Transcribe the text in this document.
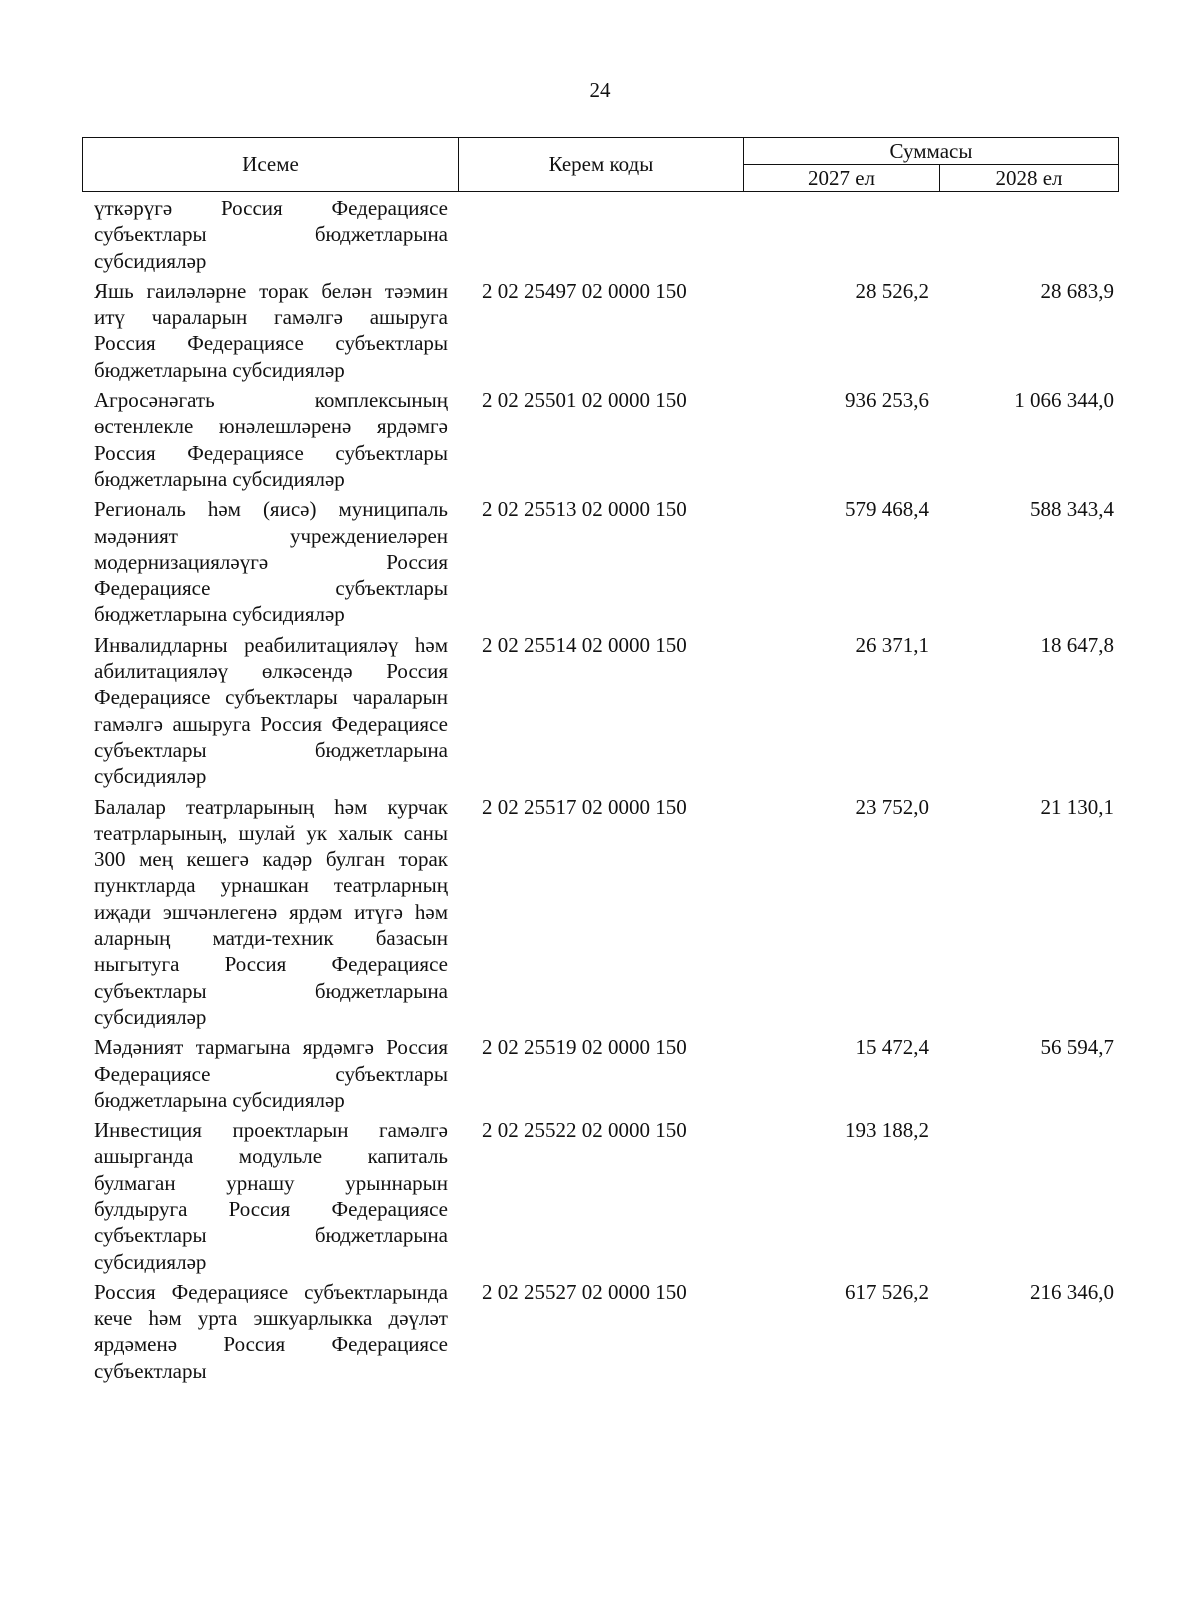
24
Исеме	Керем коды
Суммасы
2027 ел	2028 ел
үткәрүгә Россия Федерациясе субъектлары бюджетларына субсидияләр
Яшь гаиләләрне торак белән тәэмин итү чараларын гамәлгә ашыруга Россия Федерациясе субъектлары бюджетларына субсидияләр
2 02 25497 02 0000 150	28 526,2	28 683,9
Агросәнәгать комплексының өстенлекле юнәлешләренә ярдәмгә Россия Федерациясе субъектлары бюджетларына субсидияләр
2 02 25501 02 0000 150	936 253,6	1 066 344,0
Региональ һәм (яисә) муниципаль мәдәният учреждениеләрен модернизацияләүгә Россия Федерациясе субъектлары бюджетларына субсидияләр
2 02 25513 02 0000 150	579 468,4	588 343,4
Инвалидларны реабилитацияләү һәм абилитацияләү өлкәсендә Россия Федерациясе субъектлары чараларын гамәлгә ашыруга Россия Федерациясе субъектлары бюджетларына субсидияләр
2 02 25514 02 0000 150	26 371,1	18 647,8
Балалар театрларының һәм курчак театрларының, шулай ук халык саны 300 мең кешегә кадәр булган торак пунктларда урнашкан театрларның иҗади эшчәнлегенә ярдәм итүгә һәм аларның матди-техник базасын ныгытуга Россия Федерациясе субъектлары бюджетларына субсидияләр
2 02 25517 02 0000 150	23 752,0	21 130,1
Мәдәният тармагына ярдәмгә Россия Федерациясе субъектлары бюджетларына субсидияләр
2 02 25519 02 0000 150	15 472,4	56 594,7
Инвестиция проектларын гамәлгә ашырганда модульле капиталь булмаган урнашу урыннарын булдыруга Россия Федерациясе субъектлары бюджетларына субсидияләр
2 02 25522 02 0000 150	193 188,2
Россия Федерациясе субъектларында кече һәм урта эшкуарлыкка дәүләт ярдәменә Россия Федерациясе субъектлары
2 02 25527 02 0000 150	617 526,2	216 346,0
